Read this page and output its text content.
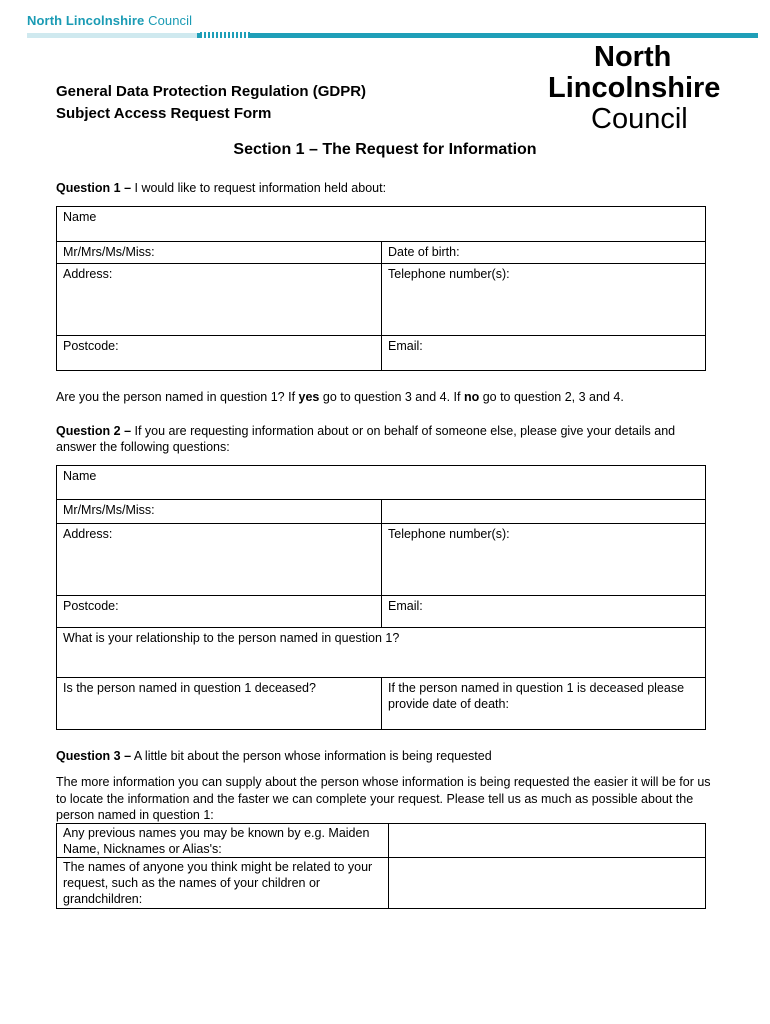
North Lincolnshire Council
North
Lincolnshire
Council
General Data Protection Regulation (GDPR)
Subject Access Request Form
Section 1 – The Request for Information
Question 1 – I would like to request information held about:
Name	
Mr/Mrs/Ms/Miss:	Date of birth:
Address:	Telephone number(s):
Postcode:	Email:
Are you the person named in question 1? If yes go to question 3 and 4. If no go to question 2, 3 and 4.
Question 2 – If you are requesting information about or on behalf of someone else, please give your details and answer the following questions:
Name	
Mr/Mrs/Ms/Miss:	
Address:	Telephone number(s):
Postcode:	Email:
What is your relationship to the person named in question 1?	
Is the person named in question 1 deceased?	If the person named in question 1 is deceased please provide date of death:
Question 3 – A little bit about the person whose information is being requested
The more information you can supply about the person whose information is being requested the easier it will be for us to locate the information and the faster we can complete your request. Please tell us as much as possible about the person named in question 1:
Any previous names you may be known by e.g. Maiden Name, Nicknames or Alias's:	
The names of anyone you think might be related to your request, such as the names of your children or grandchildren:	
